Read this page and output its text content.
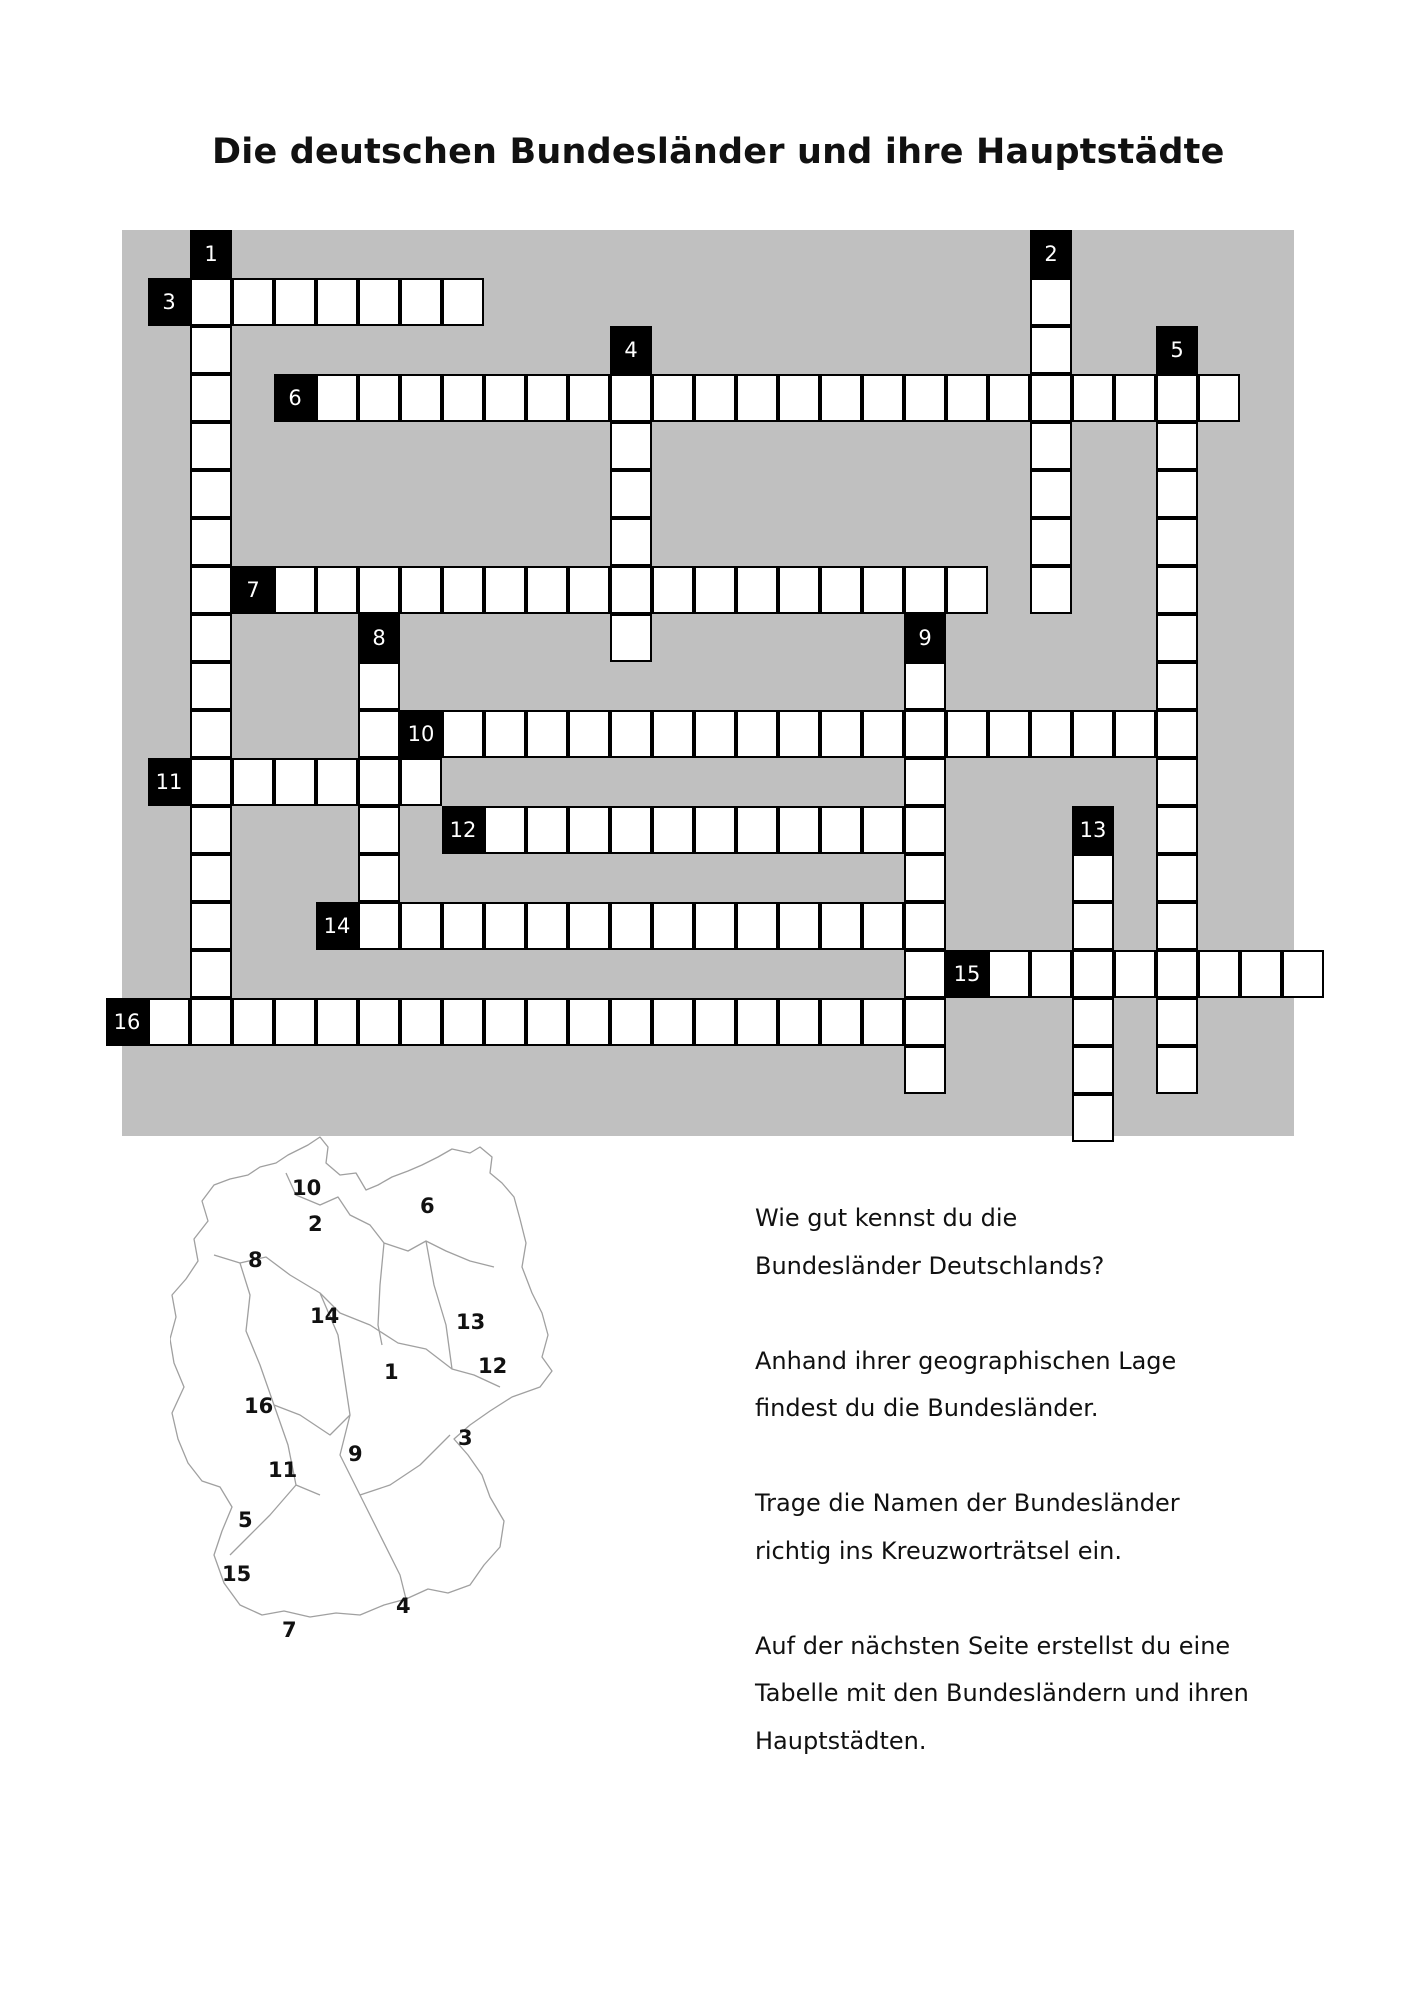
Die deutschen Bundesländer und ihre Hauptstädte
1	2
3
4	5
6
7
8	9
10
11
12	13
14
15
16
10
6
2
8
14	13
1	12
16
3
9
11
5
15
4
7

Wie gut kennst du die

Bundesländer Deutschlands?

Anhand ihrer geographischen Lage

findest du die Bundesländer.

Trage die Namen der Bundesländer

richtig ins Kreuzworträtsel ein.

Auf der nächsten Seite erstellst du eine

Tabelle mit den Bundesländern und ihren

Hauptstädten.
